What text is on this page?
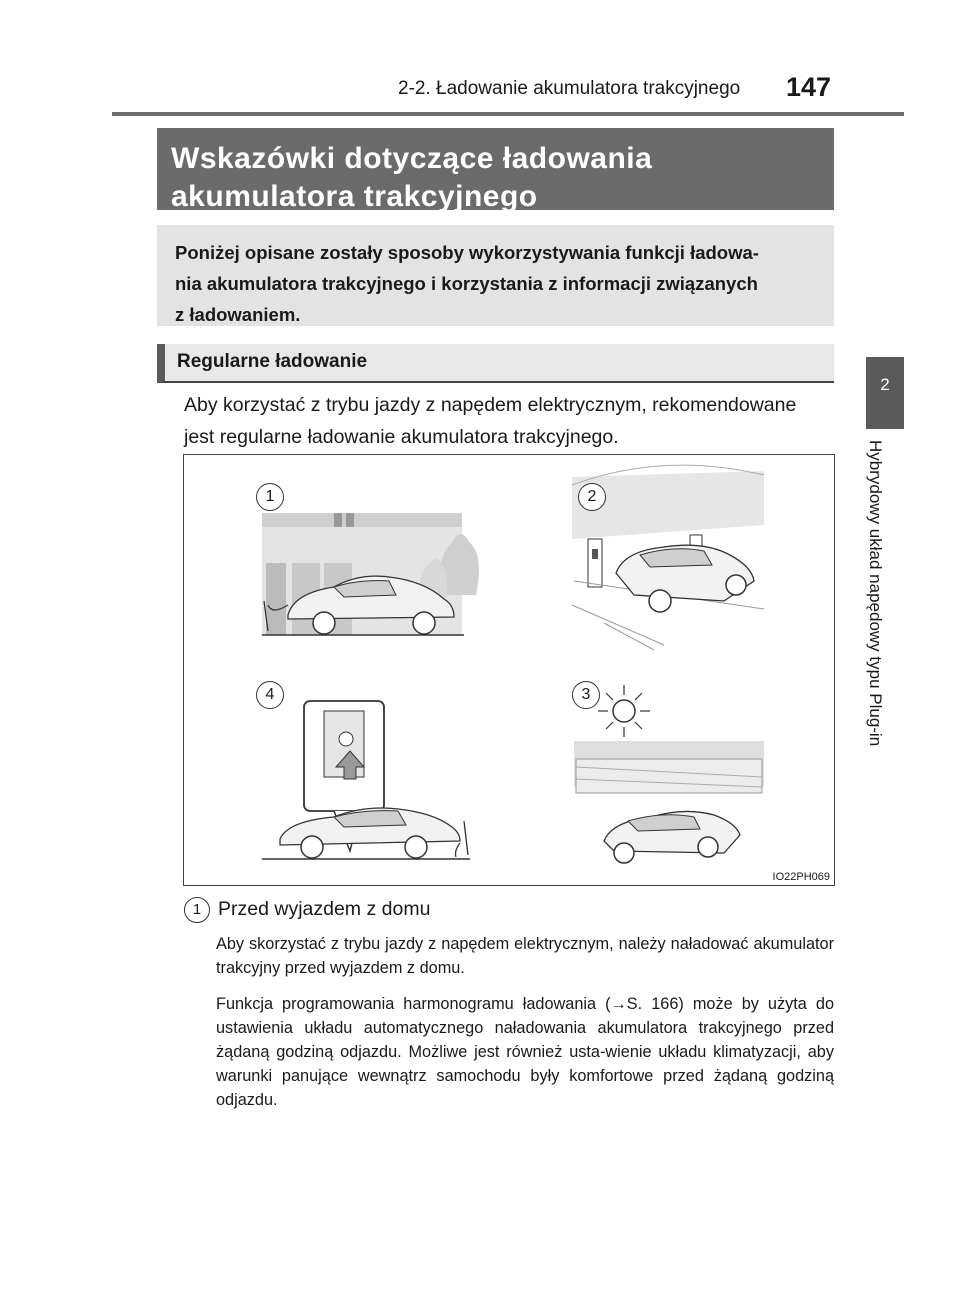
2-2. Ładowanie akumulatora trakcyjnego 147
2
Hybrydowy układ napędowy typu Plug-in
Wskazówki dotyczące ładowania
akumulatora trakcyjnego
Poniżej opisane zostały sposoby wykorzystywania funkcji ładowa-
nia akumulatora trakcyjnego i korzystania z informacji związanych
z ładowaniem.
Regularne ładowanie
Aby korzystać z trybu jazdy z napędem elektrycznym, rekomendowane
jest regularne ładowanie akumulatora trakcyjnego.
1	2
3
4
IO22PH069
1 Przed wyjazdem z domu
Aby skorzystać z trybu jazdy z napędem elektrycznym, należy naładować akumulator trakcyjny przed wyjazdem z domu.
Funkcja programowania harmonogramu ładowania (→S. 166) może by użyta do ustawienia układu automatycznego naładowania akumulatora trakcyjnego przed żądaną godziną odjazdu. Możliwe jest również usta-wienie układu klimatyzacji, aby warunki panujące wewnątrz samochodu były komfortowe przed żądaną godziną odjazdu.
